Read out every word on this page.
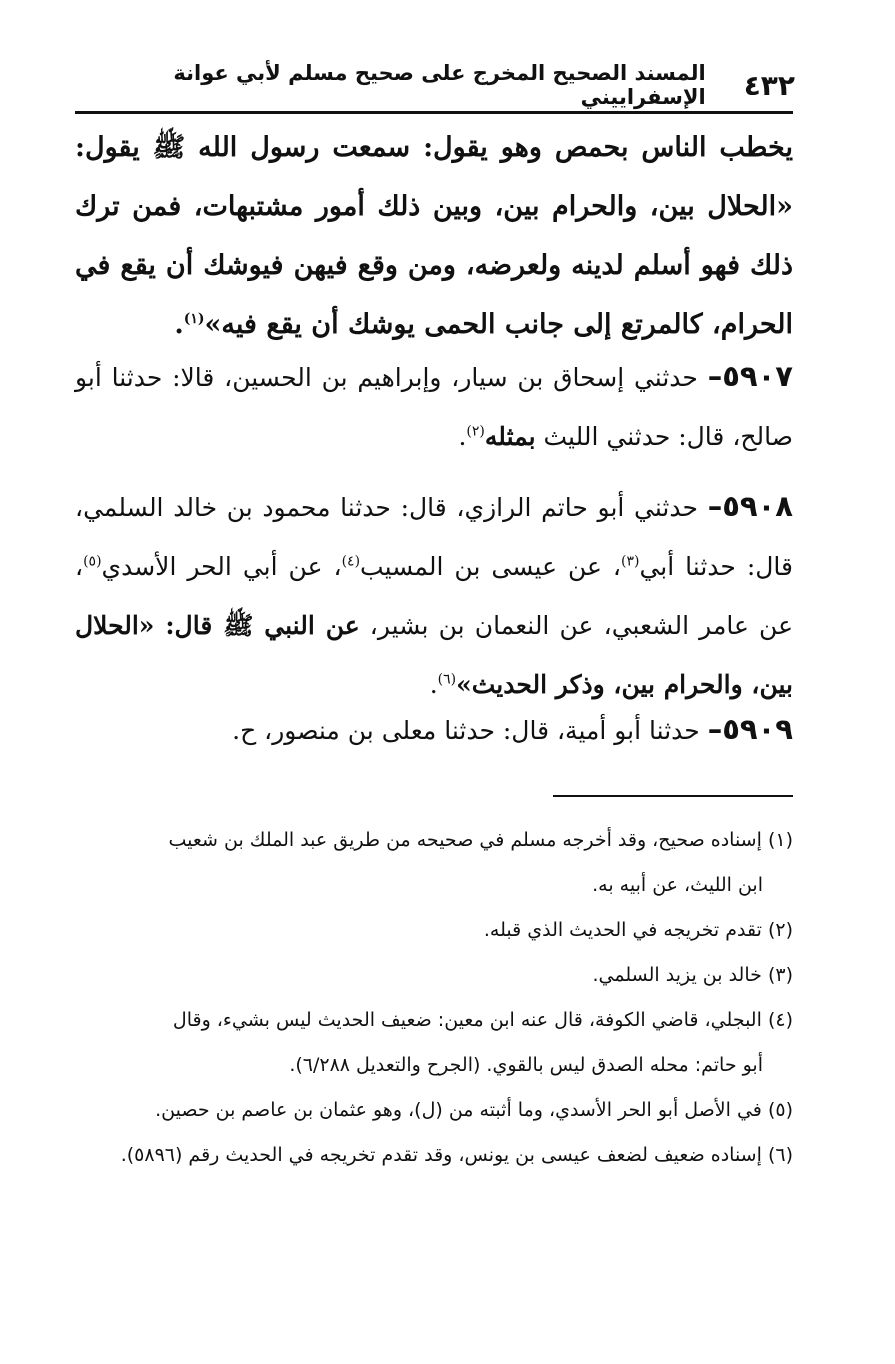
٤٣٢
المسند الصحيح المخرج على صحيح مسلم لأبي عوانة الإسفراييني
يخطب الناس بحمص وهو يقول: سمعت رسول الله ﷺ يقول: «الحلال بين، والحرام بين، وبين ذلك أمور مشتبهات، فمن ترك ذلك فهو أسلم لدينه ولعرضه، ومن وقع فيهن فيوشك أن يقع في الحرام، كالمرتع إلى جانب الحمى يوشك أن يقع فيه»$^{(١)}$.
٥٩٠٧– حدثني إسحاق بن سيار، وإبراهيم بن الحسين، قالا: حدثنا أبو صالح، قال: حدثني الليث بمثله$^{(٢)}$.
٥٩٠٨– حدثني أبو حاتم الرازي، قال: حدثنا محمود بن خالد السلمي، قال: حدثنا أبي$^{(٣)}$، عن عيسى بن المسيب$^{(٤)}$، عن أبي الحر الأسدي$^{(٥)}$، عن عامر الشعبي، عن النعمان بن بشير، عن النبي ﷺ قال: «الحلال بين، والحرام بين، وذكر الحديث»$^{(٦)}$.
٥٩٠٩– حدثنا أبو أمية، قال: حدثنا معلى بن منصور، ح.

(١) إسناده صحيح، وقد أخرجه مسلم في صحيحه من طريق عبد الملك بن شعيب
ابن الليث، عن أبيه به.

(٢) تقدم تخريجه في الحديث الذي قبله.

(٣) خالد بن يزيد السلمي.

(٤) البجلي، قاضي الكوفة، قال عنه ابن معين: ضعيف الحديث ليس بشيء، وقال
أبو حاتم: محله الصدق ليس بالقوي. (الجرح والتعديل ٦/٢٨٨).

(٥) في الأصل أبو الحر الأسدي، وما أثبته من (ل)، وهو عثمان بن عاصم بن حصين.

(٦) إسناده ضعيف لضعف عيسى بن يونس، وقد تقدم تخريجه في الحديث رقم (٥٨٩٦).
